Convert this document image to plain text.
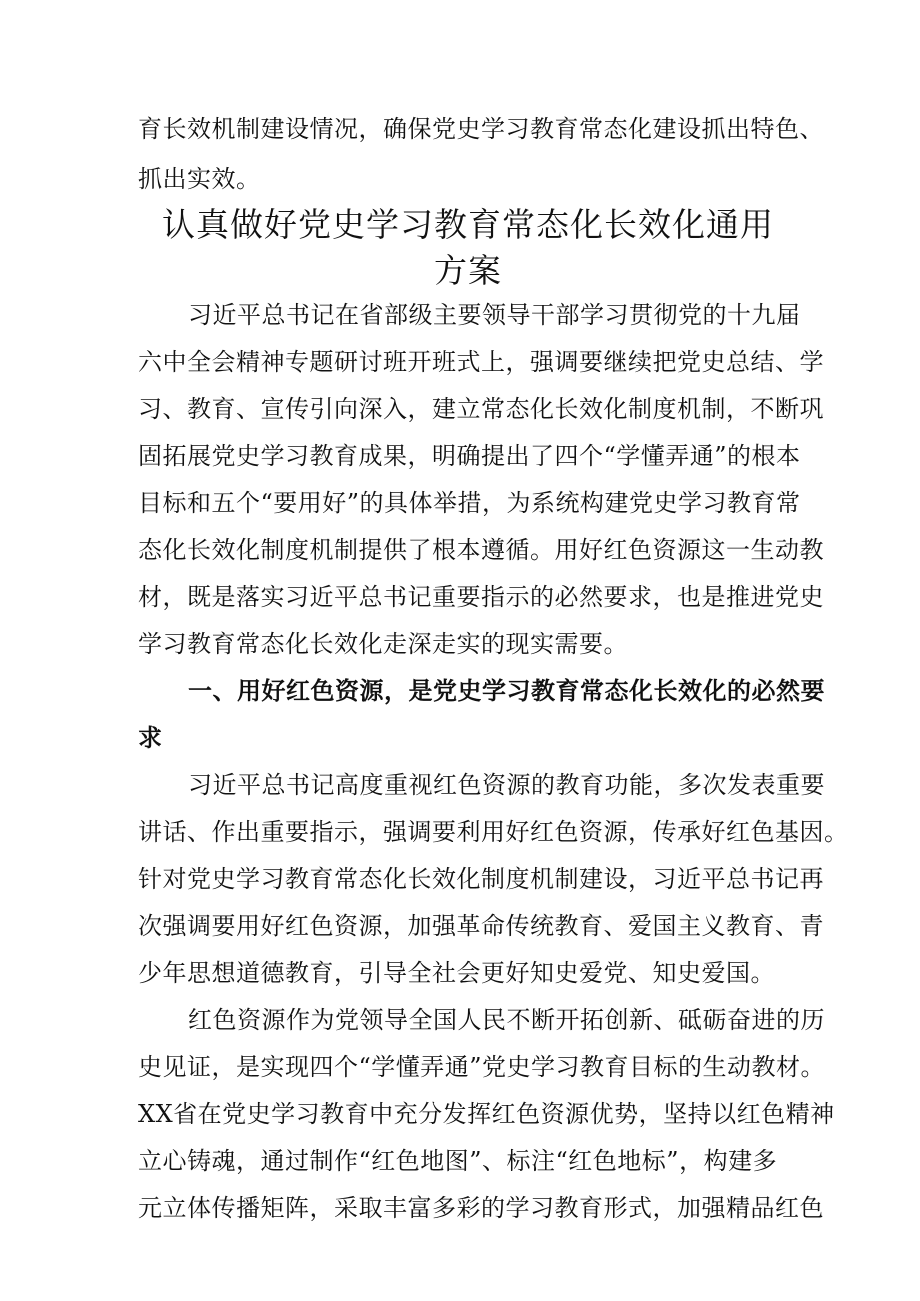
育长效机制建设情况，确保党史学习教育常态化建设抓出特色、
抓出实效。
认真做好党史学习教育常态化长效化通用
方案
习近平总书记在省部级主要领导干部学习贯彻党的十九届
六中全会精神专题研讨班开班式上，强调要继续把党史总结、学
习、教育、宣传引向深入，建立常态化长效化制度机制，不断巩
固拓展党史学习教育成果，明确提出了四个“学懂弄通”的根本
目标和五个“要用好”的具体举措，为系统构建党史学习教育常
态化长效化制度机制提供了根本遵循。用好红色资源这一生动教
材，既是落实习近平总书记重要指示的必然要求，也是推进党史
学习教育常态化长效化走深走实的现实需要。
一、用好红色资源，是党史学习教育常态化长效化的必然要
求
习近平总书记高度重视红色资源的教育功能，多次发表重要
讲话、作出重要指示，强调要利用好红色资源，传承好红色基因。
针对党史学习教育常态化长效化制度机制建设，习近平总书记再
次强调要用好红色资源，加强革命传统教育、爱国主义教育、青
少年思想道德教育，引导全社会更好知史爱党、知史爱国。
红色资源作为党领导全国人民不断开拓创新、砥砺奋进的历
史见证，是实现四个“学懂弄通”党史学习教育目标的生动教材。
XX省在党史学习教育中充分发挥红色资源优势，坚持以红色精神
立心铸魂，通过制作“红色地图”、标注“红色地标”，构建多
元立体传播矩阵，采取丰富多彩的学习教育形式，加强精品红色
